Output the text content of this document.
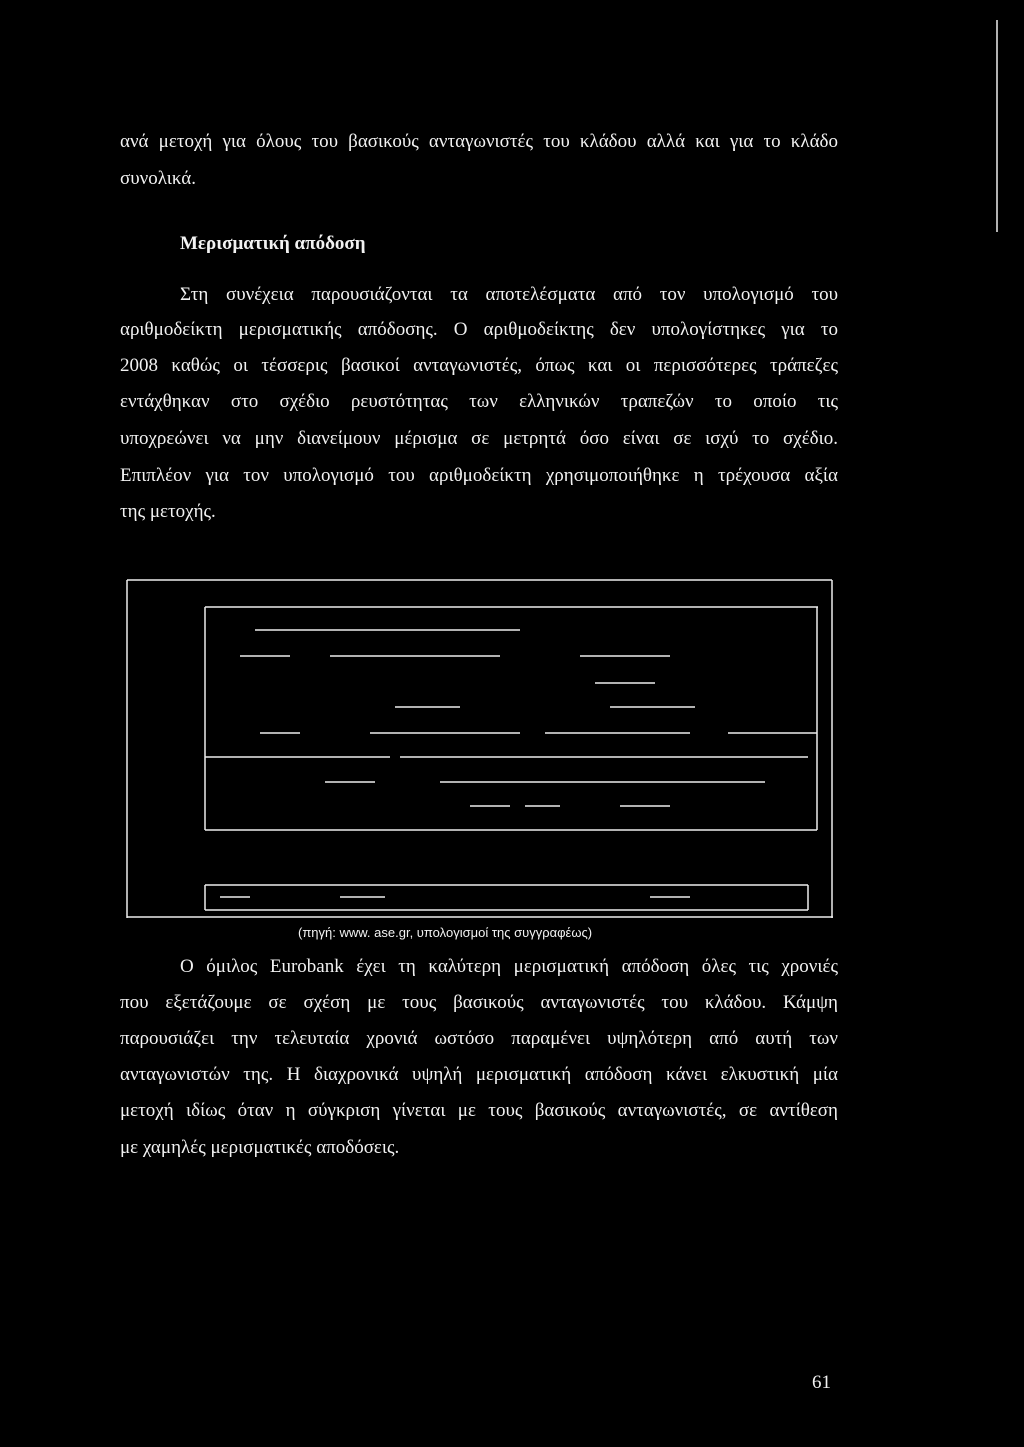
ανά μετοχή για όλους του βασικούς ανταγωνιστές του κλάδου αλλά και για το κλάδο
συνολικά.
Μερισματική απόδοση
Στη συνέχεια παρουσιάζονται τα αποτελέσματα από τον υπολογισμό του
αριθμοδείκτη μερισματικής απόδοσης. Ο αριθμοδείκτης δεν υπολογίστηκες για το
2008 καθώς οι τέσσερις βασικοί ανταγωνιστές, όπως και οι περισσότερες τράπεζες
εντάχθηκαν στο σχέδιο ρευστότητας των ελληνικών τραπεζών το οποίο τις
υποχρεώνει να μην διανείμουν μέρισμα σε μετρητά όσο είναι σε ισχύ το σχέδιο.
Επιπλέον για τον υπολογισμό του αριθμοδείκτη χρησιμοποιήθηκε η τρέχουσα αξία
της μετοχής.
(πηγή: www. ase.gr, υπολογισμοί της συγγραφέως)
Ο όμιλος Eurobank έχει τη καλύτερη μερισματική απόδοση όλες τις χρονιές
που εξετάζουμε σε σχέση με τους βασικούς ανταγωνιστές του κλάδου. Κάμψη
παρουσιάζει την τελευταία χρονιά ωστόσο παραμένει υψηλότερη από αυτή των
ανταγωνιστών της. Η διαχρονικά υψηλή μερισματική απόδοση κάνει ελκυστική μία
μετοχή ιδίως όταν η σύγκριση γίνεται με τους βασικούς ανταγωνιστές, σε αντίθεση
με χαμηλές μερισματικές αποδόσεις.
61
